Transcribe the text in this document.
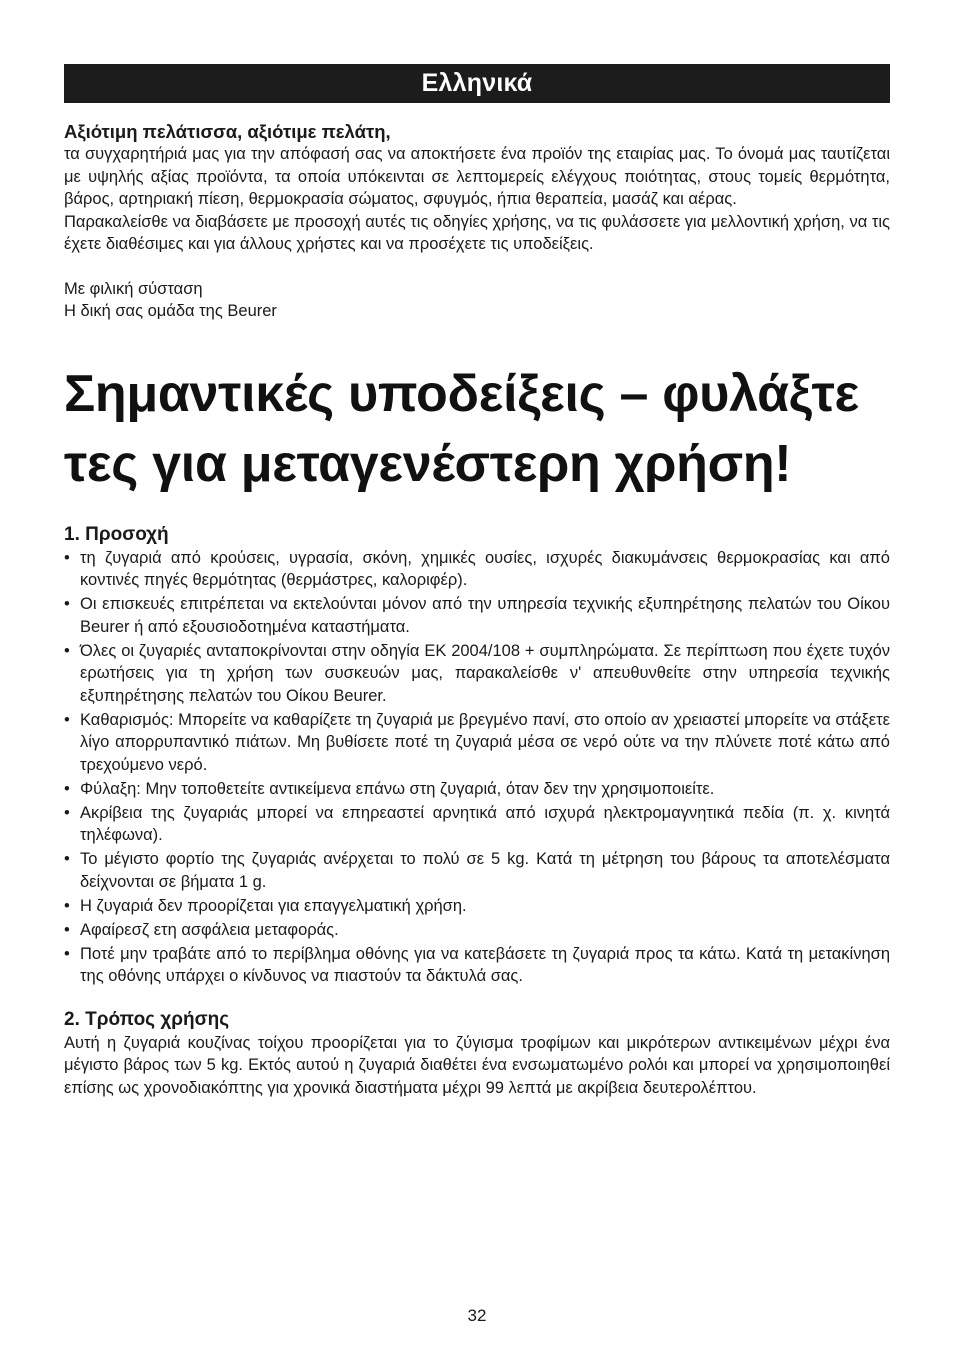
Ελληνικά

Αξιότιμη πελάτισσα, αξιότιμε πελάτη,

τα συγχαρητήριά μας για την απόφασή σας να αποκτήσετε ένα προϊόν της εταιρίας μας. Το όνομά μας ταυτίζεται με υψηλής αξίας προϊόντα, τα οποία υπόκεινται σε λεπτομερείς ελέγχους ποιότητας, στους τομείς θερμότητα, βάρος, αρτηριακή πίεση, θερμοκρασία σώματος, σφυγμός, ήπια θεραπεία, μασάζ και αέρας.

Παρακαλείσθε να διαβάσετε με προσοχή αυτές τις οδηγίες χρήσης, να τις φυλάσσετε για μελλοντική χρήση, να τις έχετε διαθέσιμες και για άλλους χρήστες και να προσέχετε τις υποδείξεις.

Με φιλική σύσταση

Η δική σας ομάδα της Beurer

Σημαντικές υποδείξεις – φυλάξτε
τες για μεταγενέστερη χρήση!
1. Προσοχή
• τη ζυγαριά από κρούσεις, υγρασία, σκόνη, χημικές ουσίες, ισχυρές διακυμάνσεις θερμοκρασίας και από κοντινές πηγές θερμότητας (θερμάστρες, καλοριφέρ).
• Οι επισκευές επιτρέπεται να εκτελούνται μόνον από την υπηρεσία τεχνικής εξυπηρέτησης πελατών του Οίκου Beurer ή από εξουσιοδοτημένα καταστήματα.
• Όλες οι ζυγαριές ανταποκρίνονται στην οδηγία ΕΚ 2004/108 + συμπληρώματα. Σε περίπτωση που έχετε τυχόν ερωτήσεις για τη χρήση των συσκευών μας, παρακαλείσθε ν' απευθυνθείτε στην υπηρεσία τεχνικής εξυπηρέτησης πελατών του Οίκου Beurer.
• Καθαρισμός: Μπορείτε να καθαρίζετε τη ζυγαριά με βρεγμένο πανί, στο οποίο αν χρειαστεί μπορείτε να στάξετε λίγο απορρυπαντικό πιάτων. Μη βυθίσετε ποτέ τη ζυγαριά μέσα σε νερό ούτε να την πλύνετε ποτέ κάτω από τρεχούμενο νερό.
• Φύλαξη: Μην τοποθετείτε αντικείμενα επάνω στη ζυγαριά, όταν δεν την χρησιμοποιείτε.
• Ακρίβεια της ζυγαριάς μπορεί να επηρεαστεί αρνητικά από ισχυρά ηλεκτρομαγνητικά πεδία (π. χ. κινητά τηλέφωνα).
• Το μέγιστο φορτίο της ζυγαριάς ανέρχεται το πολύ σε 5 kg. Κατά τη μέτρηση του βάρους τα αποτελέσματα δείχνονται σε βήματα 1 g.
• Η ζυγαριά δεν προορίζεται για επαγγελματική χρήση.
• Αφαίρεσζ ετη ασφάλεια μεταφοράς.
• Ποτέ μην τραβάτε από το περίβλημα οθόνης για να κατεβάσετε τη ζυγαριά προς τα κάτω. Κατά τη μετακίνηση της οθόνης υπάρχει ο κίνδυνος να πιαστούν τα δάκτυλά σας.
2. Τρόπος χρήσης

Αυτή η ζυγαριά κουζίνας τοίχου προορίζεται για το ζύγισμα τροφίμων και μικρότερων αντικειμένων μέχρι ένα μέγιστο βάρος των 5 kg. Εκτός αυτού η ζυγαριά διαθέτει ένα ενσωματωμένο ρολόι και μπορεί να χρησιμοποιηθεί επίσης ως χρονοδιακόπτης για χρονικά διαστήματα μέχρι 99 λεπτά με ακρίβεια δευτερολέπτου.

32
